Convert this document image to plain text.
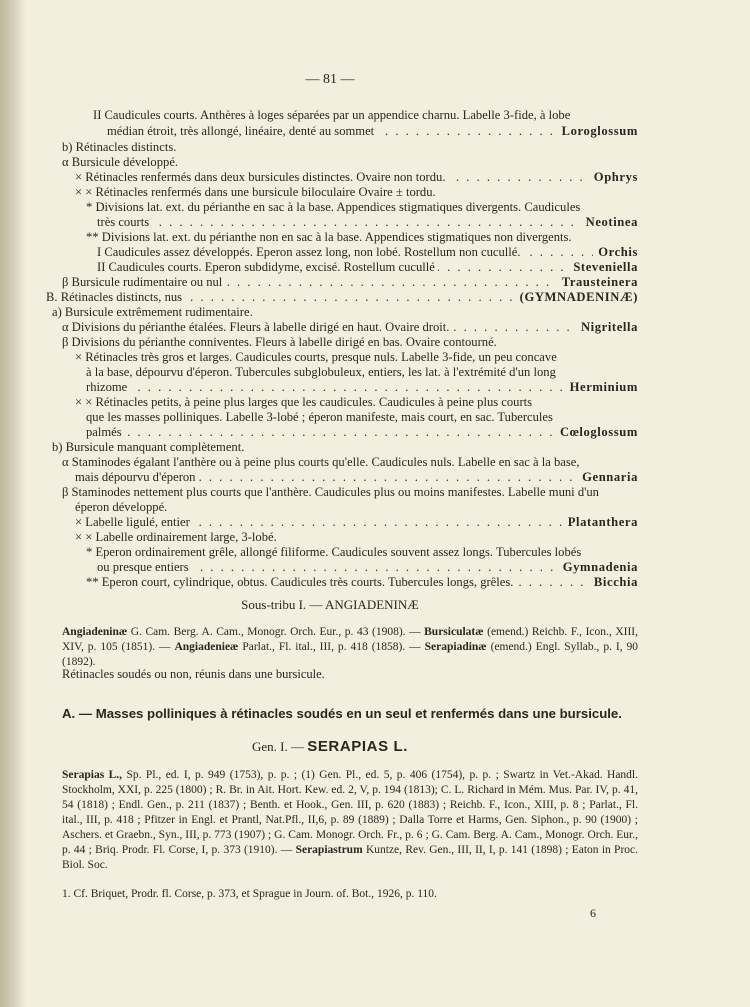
— 81 —
II Caudicules courts. Anthères à loges séparées par un appendice charnu. Labelle 3-fide, à lobe
médian étroit, très allongé, linéaire, denté au sommet	Loroglossum
. . .
b) Rétinacles distincts.
α Bursicule développé.
× Rétinacles renfermés dans deux bursicules distinctes. Ovaire non tordu.	Ophrys
. . .
× × Rétinacles renfermés dans une bursicule biloculaire Ovaire ± tordu.
* Divisions lat. ext. du périanthe en sac à la base. Appendices stigmatiques divergents. Caudicules
très courts	Neotinea
. . .
** Divisions lat. ext. du périanthe non en sac à la base. Appendices stigmatiques non divergents.
I Caudicules assez développés. Eperon assez long, non lobé. Rostellum non cucullé.	Orchis
. . .
II Caudicules courts. Eperon subdidyme, excisé. Rostellum cucullé	Steveniella
. . .
β Bursicule rudimentaire ou nul	Trausteinera
. . .
B. Rétinacles distincts, nus	(GYMNADENINÆ)
. . .
a) Bursicule extrêmement rudimentaire.
α Divisions du périanthe étalées. Fleurs à labelle dirigé en haut. Ovaire droit.	Nigritella
. . .
β Divisions du périanthe conniventes. Fleurs à labelle dirigé en bas. Ovaire contourné.
× Rétinacles très gros et larges. Caudicules courts, presque nuls. Labelle 3-fide, un peu concave
à la base, dépourvu d'éperon. Tubercules subglobuleux, entiers, les lat. à l'extrémité d'un long
rhizome	Herminium
. . .
× × Rétinacles petits, à peine plus larges que les caudicules. Caudicules à peine plus courts
que les masses polliniques. Labelle 3-lobé ; éperon manifeste, mais court, en sac. Tubercules
palmés	Cœloglossum
. . .
b) Bursicule manquant complètement.
α Staminodes égalant l'anthère ou à peine plus courts qu'elle. Caudicules nuls. Labelle en sac à la base,
mais dépourvu d'éperon	Gennaria
. . .
β Staminodes nettement plus courts que l'anthère. Caudicules plus ou moins manifestes. Labelle muni d'un
éperon développé.
× Labelle ligulé, entier	Platanthera
. . .
× × Labelle ordinairement large, 3-lobé.
* Eperon ordinairement grêle, allongé filiforme. Caudicules souvent assez longs. Tubercules lobés
ou presque entiers	Gymnadenia
. . .
** Eperon court, cylindrique, obtus. Caudicules très courts. Tubercules longs, grêles.	Bicchia
. . .
Sous-tribu I. — ANGIADENINÆ
Angiadeninæ G. Cam. Berg. A. Cam., Monogr. Orch. Eur., p. 43 (1908). — Bursiculatæ (emend.) Reichb. F., Icon., XIII, XIV, p. 105 (1851). — Angiadenieæ Parlat., Fl. ital., III, p. 418 (1858). — Serapiadinæ (emend.) Engl. Syllab., p. I, 90 (1892).
Rétinacles soudés ou non, réunis dans une bursicule.
A. — Masses polliniques à rétinacles soudés en un seul et renfermés dans une bursicule.
Gen. I. — SERAPIAS L.
Serapias L., Sp. Pl., ed. I, p. 949 (1753), p. p. ; (1) Gen. Pl., ed. 5, p. 406 (1754), p. p. ; Swartz in Vet.-Akad. Handl. Stockholm, XXI, p. 225 (1800) ; R. Br. in Ait. Hort. Kew. ed. 2, V, p. 194 (1813); C. L. Richard in Mém. Mus. Par. IV, p. 41, 54 (1818) ; Endl. Gen., p. 211 (1837) ; Benth. et Hook., Gen. III, p. 620 (1883) ; Reichb. F., Icon., XIII, p. 8 ; Parlat., Fl. ital., III, p. 418 ; Pfitzer in Engl. et Prantl, Nat.Pfl., II,6, p. 89 (1889) ; Dalla Torre et Harms, Gen. Siphon., p. 90 (1900) ; Aschers. et Graebn., Syn., III, p. 773 (1907) ; G. Cam. Monogr. Orch. Fr., p. 6 ; G. Cam. Berg. A. Cam., Monogr. Orch. Eur., p. 44 ; Briq. Prodr. Fl. Corse, I, p. 373 (1910). — Serapiastrum Kuntze, Rev. Gen., III, II, I, p. 141 (1898) ; Eaton in Proc. Biol. Soc.
1. Cf. Briquet, Prodr. fl. Corse, p. 373, et Sprague in Journ. of. Bot., 1926, p. 110.
6
